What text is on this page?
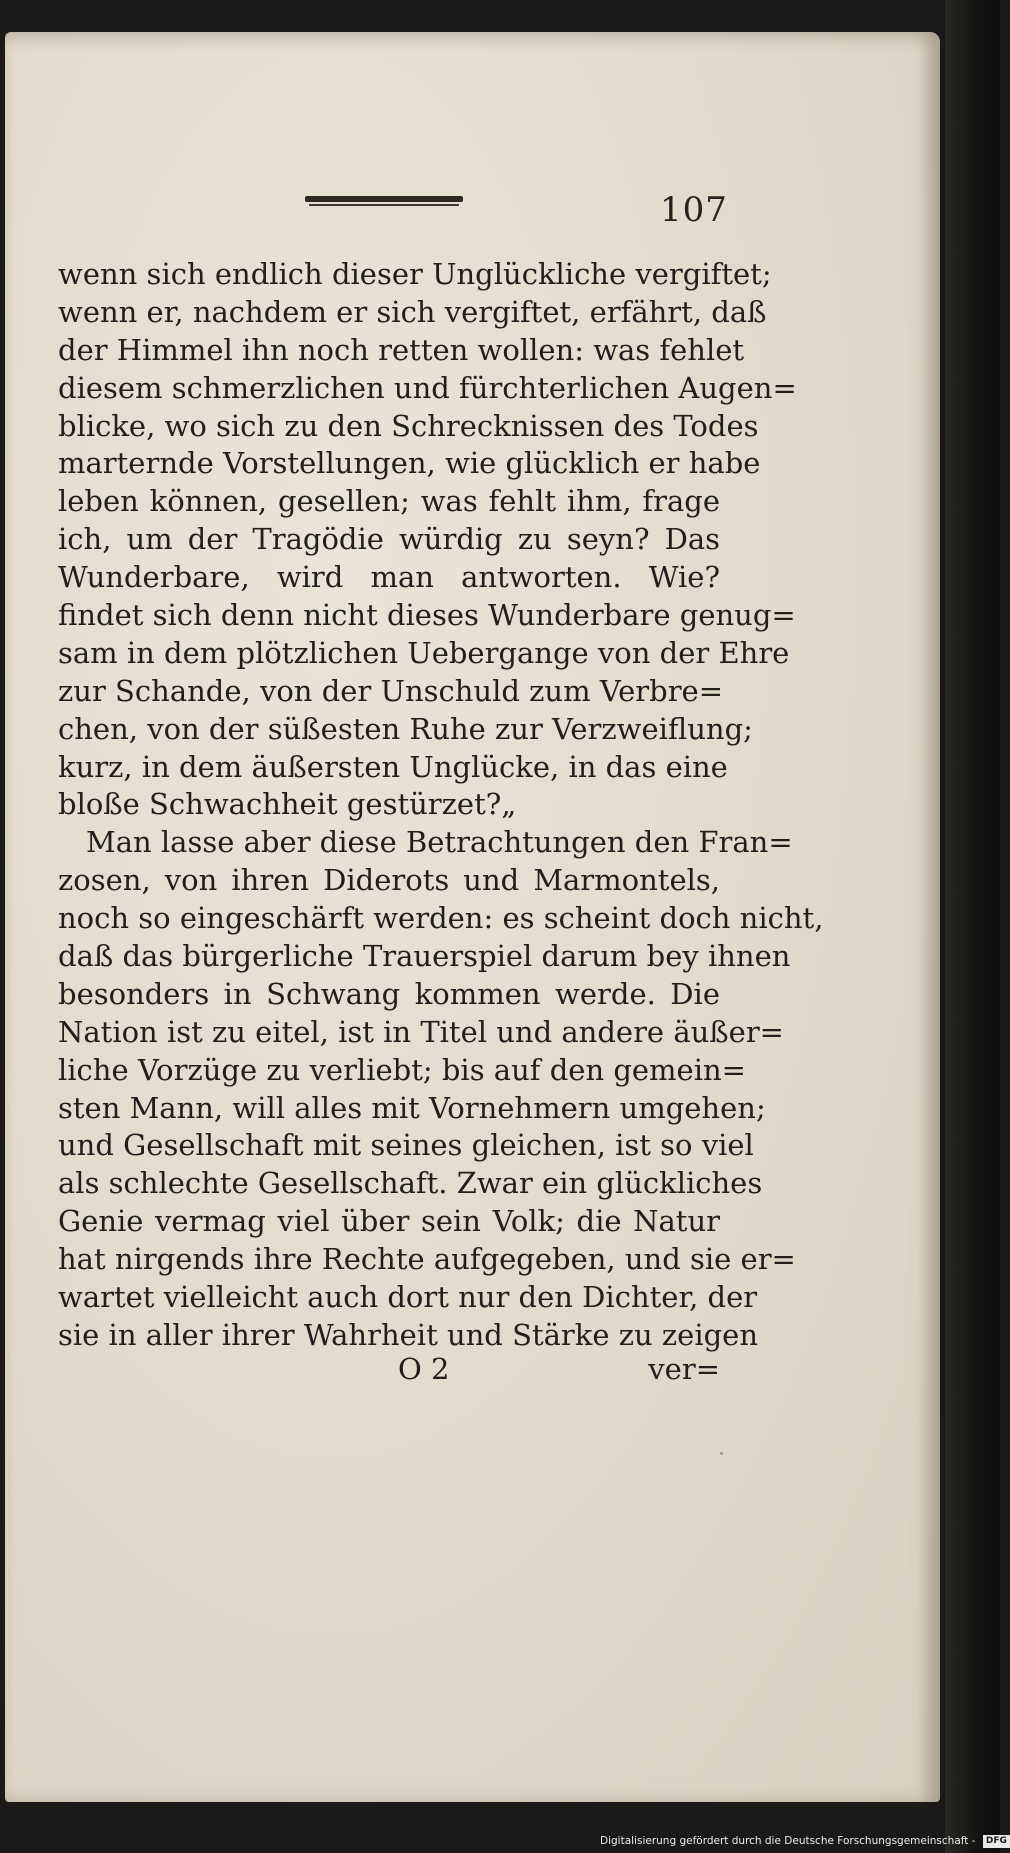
107
wenn sich endlich dieser Unglückliche vergiftet;
wenn er, nachdem er sich vergiftet, erfährt, daß
der Himmel ihn noch retten wollen: was fehlet
diesem schmerzlichen und fürchterlichen Augen=
blicke, wo sich zu den Schrecknissen des Todes
marternde Vorstellungen, wie glücklich er habe
leben können, gesellen; was fehlt ihm, frage
ich, um der Tragödie würdig zu seyn? Das
Wunderbare, wird man antworten. Wie?
findet sich denn nicht dieses Wunderbare genug=
sam in dem plötzlichen Uebergange von der Ehre
zur Schande, von der Unschuld zum Verbre=
chen, von der süßesten Ruhe zur Verzweiflung;
kurz, in dem äußersten Unglücke, in das eine
bloße Schwachheit gestürzet?„
Man lasse aber diese Betrachtungen den Fran=
zosen, von ihren Diderots und Marmontels,
noch so eingeschärft werden: es scheint doch nicht,
daß das bürgerliche Trauerspiel darum bey ihnen
besonders in Schwang kommen werde. Die
Nation ist zu eitel, ist in Titel und andere äußer=
liche Vorzüge zu verliebt; bis auf den gemein=
sten Mann, will alles mit Vornehmern umgehen;
und Gesellschaft mit seines gleichen, ist so viel
als schlechte Gesellschaft. Zwar ein glückliches
Genie vermag viel über sein Volk; die Natur
hat nirgends ihre Rechte aufgegeben, und sie er=
wartet vielleicht auch dort nur den Dichter, der
sie in aller ihrer Wahrheit und Stärke zu zeigen
O 2	ver=
Digitalisierung gefördert durch die Deutsche Forschungsgemeinschaft - DFG
